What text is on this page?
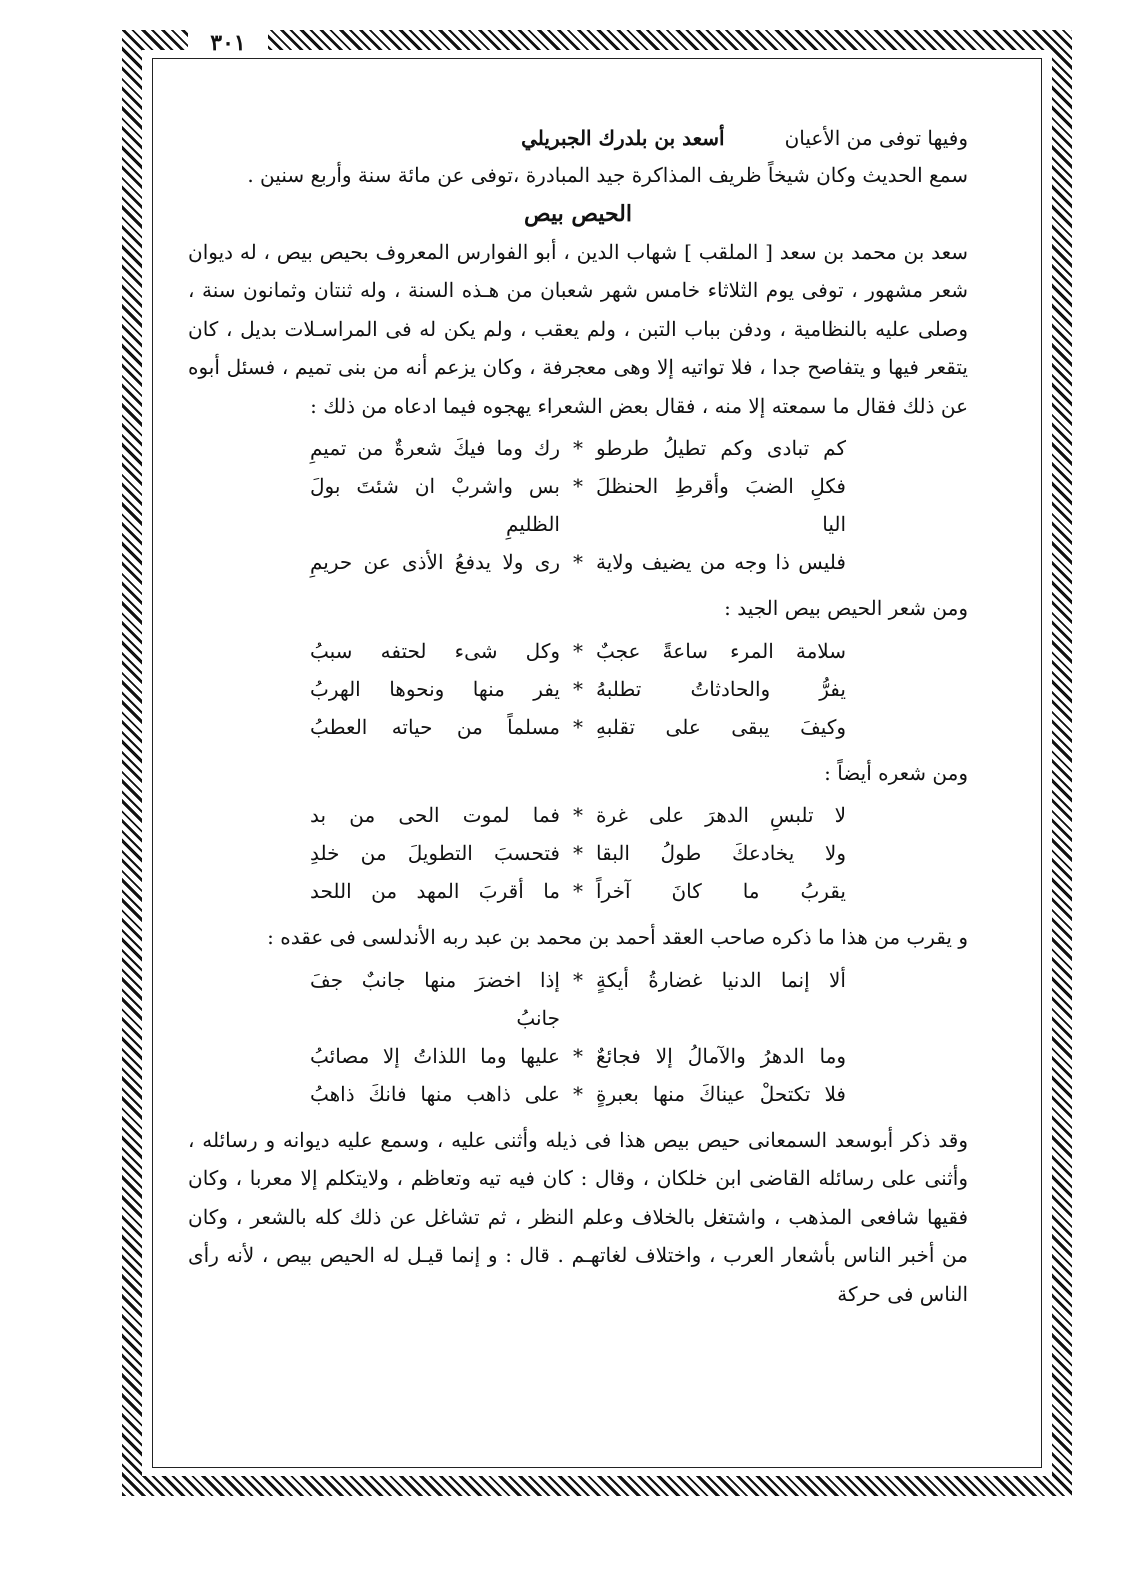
٣٠١
وفيها توفى من الأعيان
أسعد بن بلدرك الجبريلي

سمع الحديث وكان شيخاً ظريف المذاكرة جيد المبادرة ،توفى عن مائة سنة وأربع سنين .

الحيص بيص

سعد بن محمد بن سعد [ الملقب ] شهاب الدين ، أبو الفوارس المعروف بحيص بيص ، له ديوان شعر مشهور ، توفى يوم الثلاثاء خامس شهر شعبان من هـذه السنة ، وله ثنتان وثمانون سنة ، وصلى عليه بالنظامية ، ودفن بباب التبن ، ولم يعقب ، ولم يكن له فى المراسـلات بديل ، كان يتقعر فيها و يتفاصح جدا ، فلا تواتيه إلا وهى معجرفة ، وكان يزعم أنه من بنى تميم ، فسئل أبوه عن ذلك فقال ما سمعته إلا منه ، فقال بعض الشعراء يهجوه فيما ادعاه من ذلك :

كم تبادى وكم تطيلُ طرطو
*
رك وما فيكَ شعرةٌ من تميمِ
فكلِ الضبَ وأقرطِ الحنظلَ اليا
*
بس واشربْ ان شئتَ بولَ الظليمِ
فليس ذا وجه من يضيف ولاية
*
رى ولا يدفعُ الأذى عن حريمِ

ومن شعر الحيص بيص الجيد :

سلامة المرء ساعةً عجبٌ
*
وكل شىء لحتفه سببُ
يفرُّ والحادثاتُ تطلبهُ
*
يفر منها ونحوها الهربُ
وكيفَ يبقى على تقلبهِ
*
مسلماً من حياته العطبُ

ومن شعره أيضاً :

لا تلبسِ الدهرَ على غرة
*
فما لموت الحى من بد
ولا يخادعكَ طولُ البقا
*
فتحسبَ التطويلَ من خلدِ
يقربُ ما كانَ آخراً
*
ما أقربَ المهد من اللحد

و يقرب من هذا ما ذكره صاحب العقد أحمد بن محمد بن عبد ربه الأندلسى فى عقده :

ألا إنما الدنيا غضارةُ أيكةٍ
*
إذا اخضرَ منها جانبٌ جفَ جانبُ
وما الدهرُ والآمالُ إلا فجائعٌ
*
عليها وما اللذاتُ إلا مصائبُ
فلا تكتحلْ عيناكَ منها بعبرةٍ
*
على ذاهب منها فانكَ ذاهبُ

وقد ذكر أبوسعد السمعانى حيص بيص هذا فى ذيله وأثنى عليه ، وسمع عليه ديوانه و رسائله ، وأثنى على رسائله القاضى ابن خلكان ، وقال : كان فيه تيه وتعاظم ، ولايتكلم إلا معربا ، وكان فقيها شافعى المذهب ، واشتغل بالخلاف وعلم النظر ، ثم تشاغل عن ذلك كله بالشعر ، وكان من أخبر الناس بأشعار العرب ، واختلاف لغاتهـم . قال : و إنما قيـل له الحيص بيص ، لأنه رأى الناس فى حركة
